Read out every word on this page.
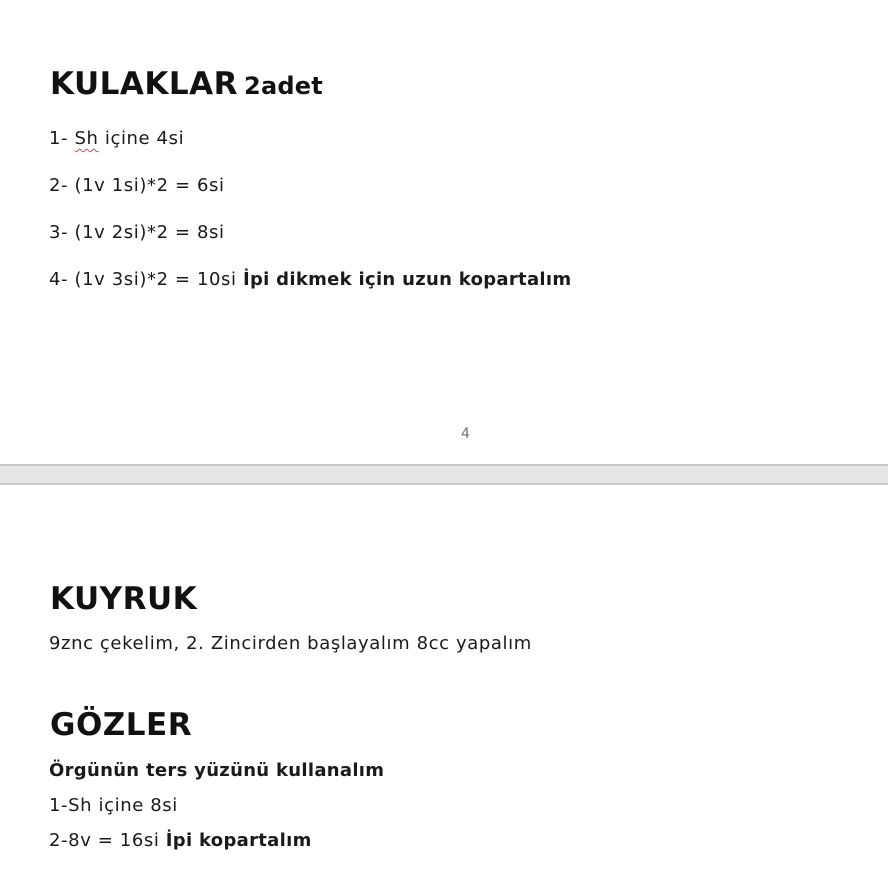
KULAKLAR 2adet
1- Sh içine 4si
2- (1v 1si)*2 = 6si
3- (1v 2si)*2 = 8si
4- (1v 3si)*2 = 10si İpi dikmek için uzun kopartalım
4
KUYRUK
9znc çekelim, 2. Zincirden başlayalım 8cc yapalım
GÖZLER
Örgünün ters yüzünü kullanalım
1-Sh içine 8si
2-8v = 16si İpi kopartalım
